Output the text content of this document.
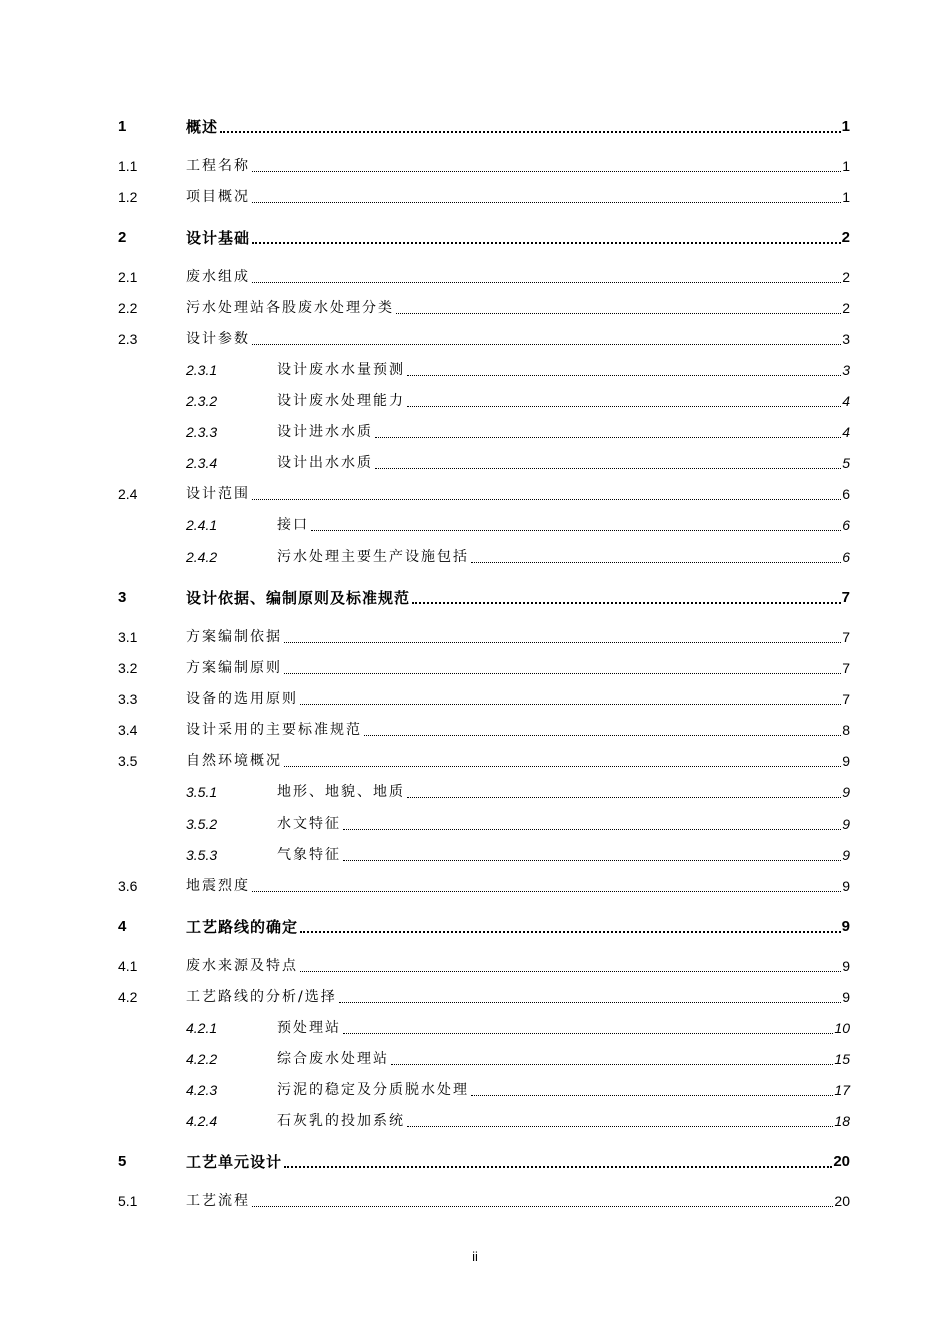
1	概述	1
1.1	工程名称	1
1.2	项目概况	1
2	设计基础	2
2.1	废水组成	2
2.2	污水处理站各股废水处理分类	2
2.3	设计参数	3
2.3.1	设计废水水量预测	3
2.3.2	设计废水处理能力	4
2.3.3	设计进水水质	4
2.3.4	设计出水水质	5
2.4	设计范围	6
2.4.1	接口	6
2.4.2	污水处理主要生产设施包括	6
3	设计依据、编制原则及标准规范	7
3.1	方案编制依据	7
3.2	方案编制原则	7
3.3	设备的选用原则	7
3.4	设计采用的主要标准规范	8
3.5	自然环境概况	9
3.5.1	地形、地貌、地质	9
3.5.2	水文特征	9
3.5.3	气象特征	9
3.6	地震烈度	9
4	工艺路线的确定	9
4.1	废水来源及特点	9
4.2	工艺路线的分析/选择	9
4.2.1	预处理站	10
4.2.2	综合废水处理站	15
4.2.3	污泥的稳定及分质脱水处理	17
4.2.4	石灰乳的投加系统	18
5	工艺单元设计	20
5.1	工艺流程	20
ii
